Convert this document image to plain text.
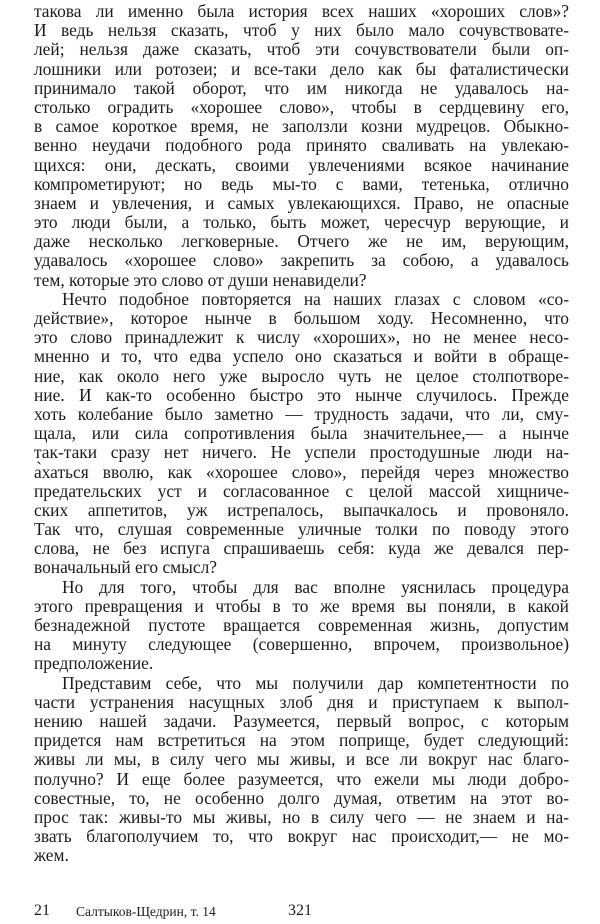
такова ли именно была история всех наших «хороших слов»?
И ведь нельзя сказать, чтоб у них было мало сочувствовате-
лей; нельзя даже сказать, чтоб эти сочувствователи были оп-
лошники или ротозеи; и все-таки дело как бы фаталистически
принимало такой оборот, что им никогда не удавалось на-
столько оградить «хорошее слово», чтобы в сердцевину его,
в самое короткое время, не заползли козни мудрецов. Обыкно-
венно неудачи подобного рода принято сваливать на увлекаю-
щихся: они, дескать, своими увлечениями всякое начинание
компрометируют; но ведь мы-то с вами, тетенька, отлично
знаем и увлечения, и самых увлекающихся. Право, не опасные
это люди были, а только, быть может, чересчур верующие, и
даже несколько легковерные. Отчего же не им, верующим,
удавалось «хорошее слово» закрепить за собою, а удавалось
тем, которые это слово от души ненавидели?
Нечто подобное повторяется на наших глазах с словом «со-
действие», которое нынче в большом ходу. Несомненно, что
это слово принадлежит к числу «хороших», но не менее несо-
мненно и то, что едва успело оно сказаться и войти в обраще-
ние, как около него уже выросло чуть не целое столпотворе-
ние. И как-то особенно быстро это нынче случилось. Прежде
хоть колебание было заметно — трудность задачи, что ли, сму-
щала, или сила сопротивления была значительнее,— а нынче
так-таки сразу нет ничего. Не успели простодушные люди на-
а̀хаться вволю, как «хорошее слово», перейдя через множество
предательских уст и согласованное с целой массой хищниче-
ских аппетитов, уж истрепалось, выпачкалось и провоняло.
Так что, слушая современные уличные толки по поводу этого
слова, не без испуга спрашиваешь себя: куда же девался пер-
воначальный его смысл?
Но для того, чтобы для вас вполне уяснилась процедура
этого превращения и чтобы в то же время вы поняли, в какой
безнадежной пустоте вращается современная жизнь, допустим
на минуту следующее (совершенно, впрочем, произвольное)
предположение.
Представим себе, что мы получили дар компетентности по
части устранения насущных злоб дня и приступаем к выпол-
нению нашей задачи. Разумеется, первый вопрос, с которым
придется нам встретиться на этом поприще, будет следующий:
живы ли мы, в силу чего мы живы, и все ли вокруг нас благо-
получно? И еще более разумеется, что ежели мы люди добро-
совестные, то, не особенно долго думая, ответим на этот во-
прос так: живы-то мы живы, но в силу чего — не знаем и на-
звать благополучием то, что вокруг нас происходит,— не мо-
жем.
21 Салтыков-Щедрин, т. 14	321
